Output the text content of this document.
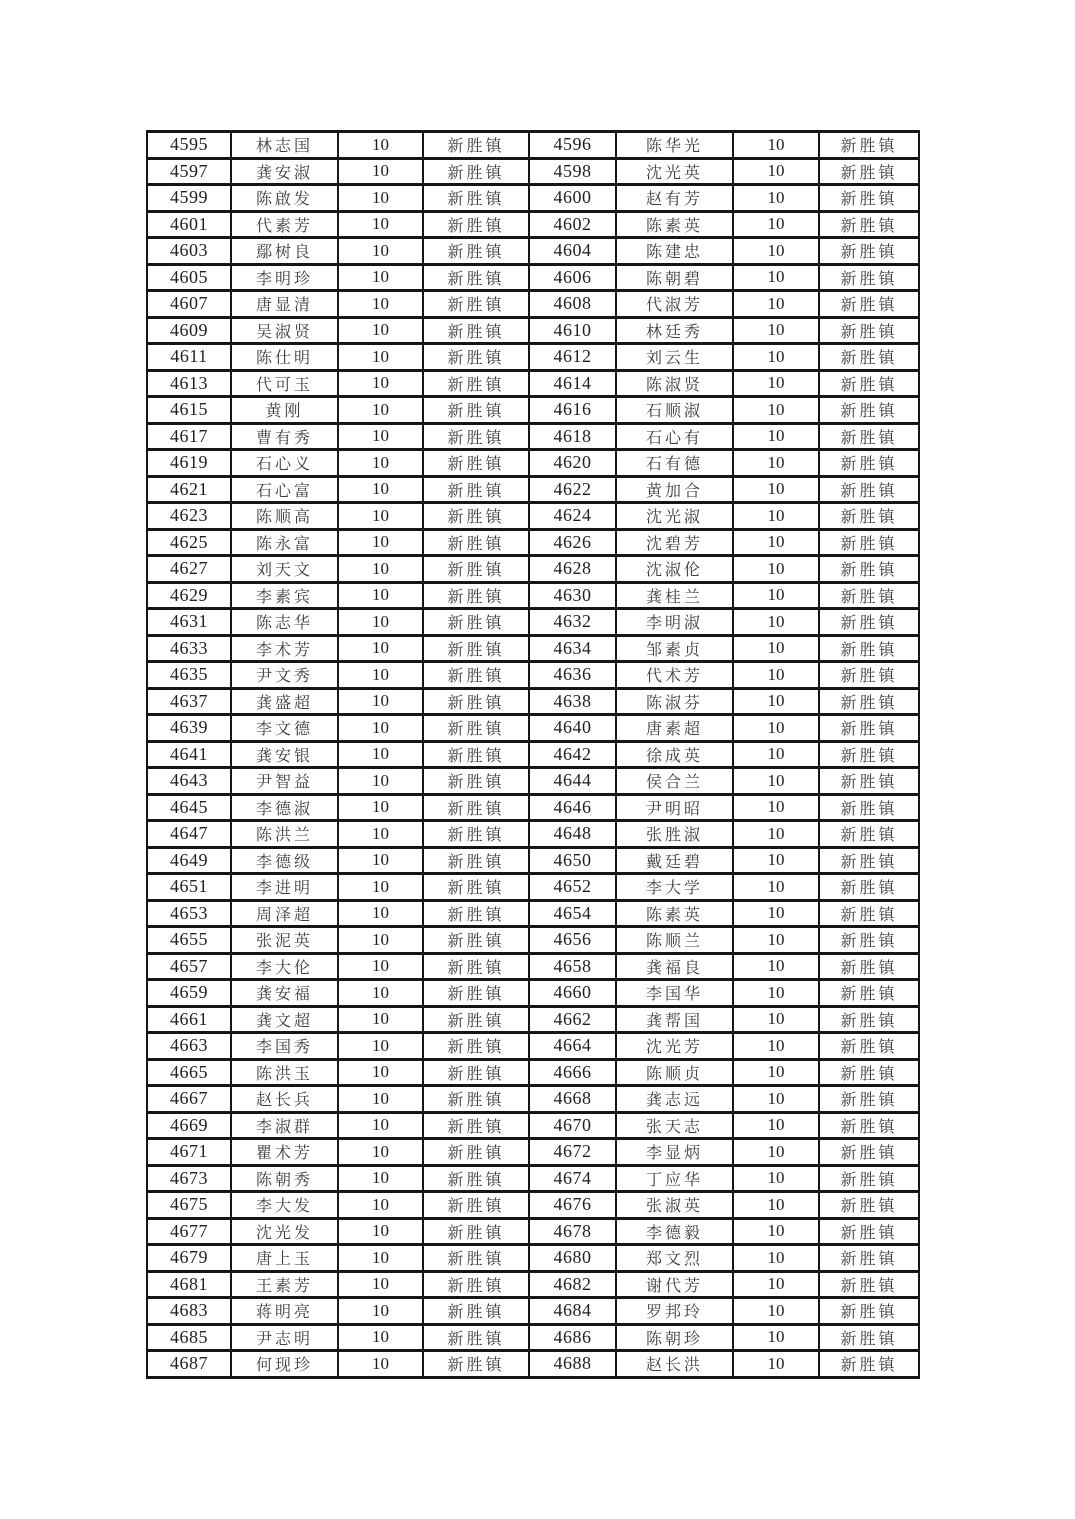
4595	林志国	10	新胜镇	4596	陈华光	10	新胜镇
4597	龚安淑	10	新胜镇	4598	沈光英	10	新胜镇
4599	陈啟发	10	新胜镇	4600	赵有芳	10	新胜镇
4601	代素芳	10	新胜镇	4602	陈素英	10	新胜镇
4603	鄢树良	10	新胜镇	4604	陈建忠	10	新胜镇
4605	李明珍	10	新胜镇	4606	陈朝碧	10	新胜镇
4607	唐显清	10	新胜镇	4608	代淑芳	10	新胜镇
4609	吴淑贤	10	新胜镇	4610	林廷秀	10	新胜镇
4611	陈仕明	10	新胜镇	4612	刘云生	10	新胜镇
4613	代可玉	10	新胜镇	4614	陈淑贤	10	新胜镇
4615	黄刚	10	新胜镇	4616	石顺淑	10	新胜镇
4617	曹有秀	10	新胜镇	4618	石心有	10	新胜镇
4619	石心义	10	新胜镇	4620	石有德	10	新胜镇
4621	石心富	10	新胜镇	4622	黄加合	10	新胜镇
4623	陈顺高	10	新胜镇	4624	沈光淑	10	新胜镇
4625	陈永富	10	新胜镇	4626	沈碧芳	10	新胜镇
4627	刘天文	10	新胜镇	4628	沈淑伦	10	新胜镇
4629	李素宾	10	新胜镇	4630	龚桂兰	10	新胜镇
4631	陈志华	10	新胜镇	4632	李明淑	10	新胜镇
4633	李术芳	10	新胜镇	4634	邹素贞	10	新胜镇
4635	尹文秀	10	新胜镇	4636	代术芳	10	新胜镇
4637	龚盛超	10	新胜镇	4638	陈淑芬	10	新胜镇
4639	李文德	10	新胜镇	4640	唐素超	10	新胜镇
4641	龚安银	10	新胜镇	4642	徐成英	10	新胜镇
4643	尹智益	10	新胜镇	4644	侯合兰	10	新胜镇
4645	李德淑	10	新胜镇	4646	尹明昭	10	新胜镇
4647	陈洪兰	10	新胜镇	4648	张胜淑	10	新胜镇
4649	李德级	10	新胜镇	4650	戴廷碧	10	新胜镇
4651	李进明	10	新胜镇	4652	李大学	10	新胜镇
4653	周泽超	10	新胜镇	4654	陈素英	10	新胜镇
4655	张泥英	10	新胜镇	4656	陈顺兰	10	新胜镇
4657	李大伦	10	新胜镇	4658	龚福良	10	新胜镇
4659	龚安福	10	新胜镇	4660	李国华	10	新胜镇
4661	龚文超	10	新胜镇	4662	龚帮国	10	新胜镇
4663	李国秀	10	新胜镇	4664	沈光芳	10	新胜镇
4665	陈洪玉	10	新胜镇	4666	陈顺贞	10	新胜镇
4667	赵长兵	10	新胜镇	4668	龚志远	10	新胜镇
4669	李淑群	10	新胜镇	4670	张天志	10	新胜镇
4671	瞿术芳	10	新胜镇	4672	李显炳	10	新胜镇
4673	陈朝秀	10	新胜镇	4674	丁应华	10	新胜镇
4675	李大发	10	新胜镇	4676	张淑英	10	新胜镇
4677	沈光发	10	新胜镇	4678	李德毅	10	新胜镇
4679	唐上玉	10	新胜镇	4680	郑文烈	10	新胜镇
4681	王素芳	10	新胜镇	4682	谢代芳	10	新胜镇
4683	蒋明亮	10	新胜镇	4684	罗邦玲	10	新胜镇
4685	尹志明	10	新胜镇	4686	陈朝珍	10	新胜镇
4687	何现珍	10	新胜镇	4688	赵长洪	10	新胜镇
